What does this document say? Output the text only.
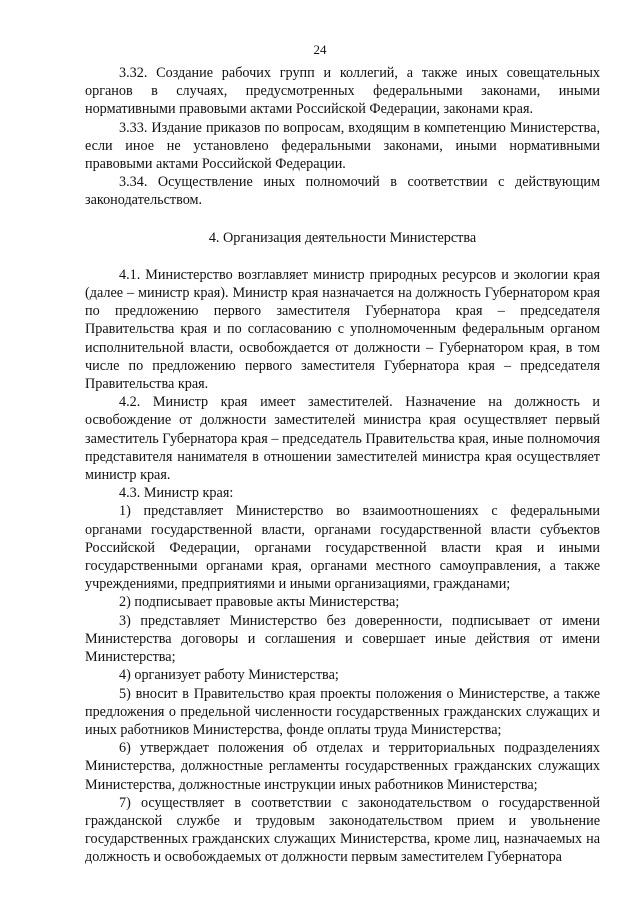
24

3.32. Создание рабочих групп и коллегий, а также иных совещательных органов в случаях, предусмотренных федеральными законами, иными нормативными правовыми актами Российской Федерации, законами края.

3.33. Издание приказов по вопросам, входящим в компетенцию Министерства, если иное не установлено федеральными законами, иными нормативными правовыми актами Российской Федерации.

3.34. Осуществление иных полномочий в соответствии с действующим законодательством.

4. Организация деятельности Министерства

4.1. Министерство возглавляет министр природных ресурсов и экологии края (далее – министр края). Министр края назначается на должность Губернатором края по предложению первого заместителя Губернатора края – председателя Правительства края и по согласованию с уполномоченным федеральным органом исполнительной власти, освобождается от должности – Губернатором края, в том числе по предложению первого заместителя Губернатора края – председателя Правительства края.

4.2. Министр края имеет заместителей. Назначение на должность и освобождение от должности заместителей министра края осуществляет первый заместитель Губернатора края – председатель Правительства края, иные полномочия представителя нанимателя в отношении заместителей министра края осуществляет министр края.

4.3. Министр края:

1) представляет Министерство во взаимоотношениях с федеральными органами государственной власти, органами государственной власти субъектов Российской Федерации, органами государственной власти края и иными государственными органами края, органами местного самоуправления, а также учреждениями, предприятиями и иными организациями, гражданами;

2) подписывает правовые акты Министерства;

3) представляет Министерство без доверенности, подписывает от имени Министерства договоры и соглашения и совершает иные действия от имени Министерства;

4) организует работу Министерства;

5) вносит в Правительство края проекты положения о Министерстве, а также предложения о предельной численности государственных гражданских служащих и иных работников Министерства, фонде оплаты труда Министерства;

6) утверждает положения об отделах и территориальных подразделениях Министерства, должностные регламенты государственных гражданских служащих Министерства, должностные инструкции иных работников Министерства;

7) осуществляет в соответствии с законодательством о государственной гражданской службе и трудовым законодательством прием и увольнение государственных гражданских служащих Министерства, кроме лиц, назначаемых на должность и освобождаемых от должности первым заместителем Губернатора
